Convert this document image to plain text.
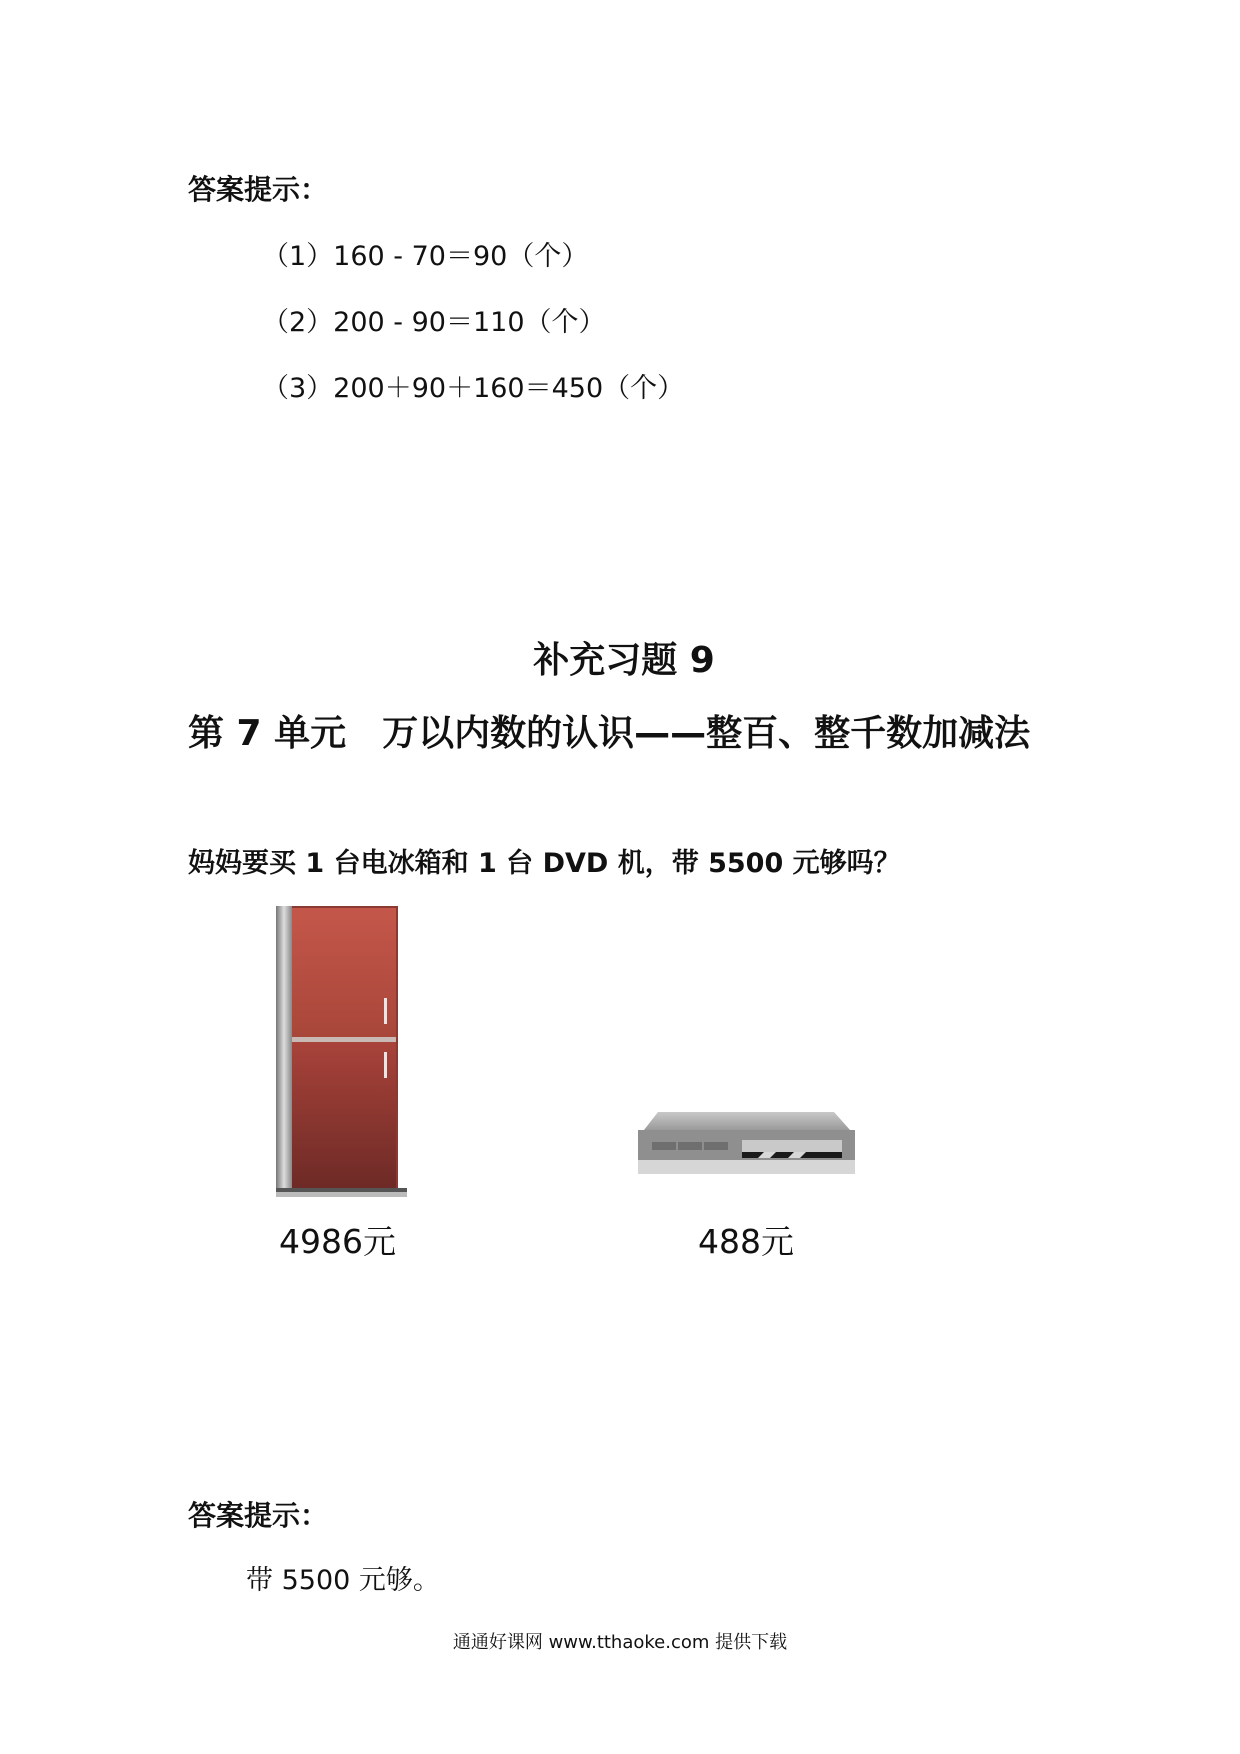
答案提示：
（1）160 - 70＝90（个）
（2）200 - 90＝110（个）
（3）200＋90＋160＝450（个）
补充习题 9
第 7 单元　万以内数的认识——整百、整千数加减法
妈妈要买 1 台电冰箱和 1 台 DVD 机，带 5500 元够吗？
4986元	488元
答案提示：
带 5500 元够。
通通好课网 www.tthaoke.com 提供下载
